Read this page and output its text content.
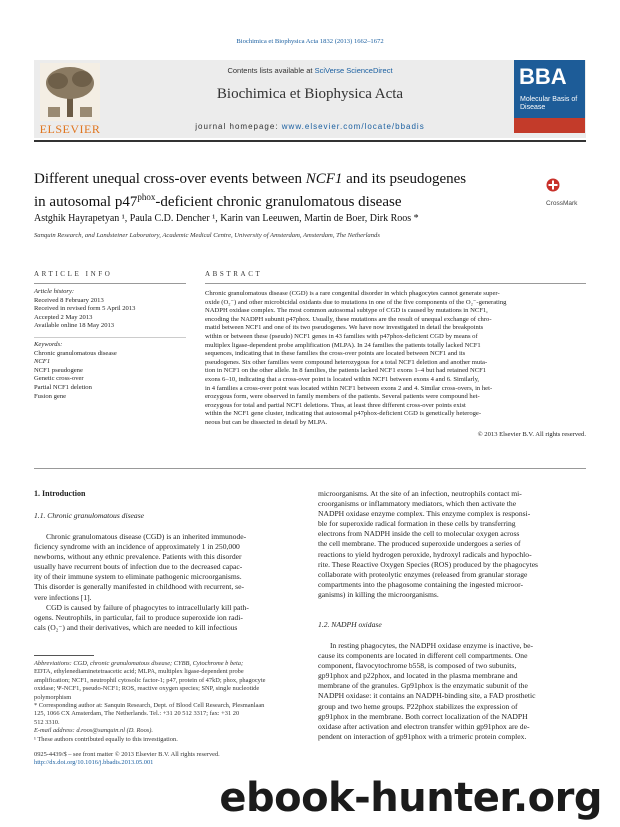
Biochimica et Biophysica Acta 1832 (2013) 1662–1672
ELSEVIER
Contents lists available at SciVerse ScienceDirect
Biochimica et Biophysica Acta
journal homepage: www.elsevier.com/locate/bbadis
BBA
Molecular Basis of Disease
Different unequal cross-over events between NCF1 and its pseudogenes
in autosomal $p47^{phox}$-deficient chronic granulomatous disease	CrossMark
Astghik Hayrapetyan ¹, Paula C.D. Dencher ¹, Karin van Leeuwen, Martin de Boer, Dirk Roos *
Sanquin Research, and Landsteiner Laboratory, Academic Medical Centre, University of Amsterdam, Amsterdam, The Netherlands
ARTICLE INFO
Article history:
Received 8 February 2013
Received in revised form 5 April 2013
Accepted 2 May 2013
Available online 18 May 2013
Keywords:
Chronic granulomatous disease
NCF1
NCF1 pseudogene
Genetic cross-over
Partial NCF1 deletion
Fusion gene
ABSTRACT
Chronic granulomatous disease (CGD) is a rare congenital disorder in which phagocytes cannot generate super-
oxide (O₂⁻) and other microbicidal oxidants due to mutations in one of the five components of the O₂⁻-generating
NADPH oxidase complex. The most common autosomal subtype of CGD is caused by mutations in NCF1,
encoding the NADPH subunit p47phox. Usually, these mutations are the result of unequal exchange of chro-
matid between NCF1 and one of its two pseudogenes. We have now investigated in detail the breakpoints
within or between these (pseudo) NCF1 genes in 43 families with p47phox-deficient CGD by means of
multiplex ligase-dependent probe amplification (MLPA). In 24 families the patients totally lacked NCF1
sequences, indicating that in these families the cross-over points are located between NCF1 and its
pseudogenes. Six other families were compound heterozygous for a total NCF1 deletion and another muta-
tion in NCF1 on the other allele. In 8 families, the patients lacked NCF1 exons 1–4 but had retained NCF1
exons 6–10, indicating that a cross-over point is located within NCF1 between exons 4 and 6. Similarly,
in 4 families a cross-over point was located within NCF1 between exons 2 and 4. Similar cross-overs, in het-
erozygous form, were observed in family members of the patients. Several patients were compound het-
erozygous for total and partial NCF1 deletions. Thus, at least three different cross-over points exist
within the NCF1 gene cluster, indicating that autosomal p47phox-deficient CGD is genetically heteroge-
neous but can be dissected in detail by MLPA.
© 2013 Elsevier B.V. All rights reserved.
1. Introduction
1.1. Chronic granulomatous disease
Chronic granulomatous disease (CGD) is an inherited immunode-
ficiency syndrome with an incidence of approximately 1 in 250,000
newborns, without any ethnic prevalence. Patients with this disorder
usually have recurrent bouts of infection due to the decreased capac-
ity of their immune system to eliminate pathogenic microorganisms.
This disorder is generally manifested in childhood with recurrent, se-
vere infections [1].
CGD is caused by failure of phagocytes to intracellularly kill path-
ogens. Neutrophils, in particular, fail to produce superoxide ion radi-
cals (O₂⁻) and their derivatives, which are needed to kill infectious
Abbreviations: CGD, chronic granulomatous disease; CYBB, Cytochrome b beta;
EDTA, ethylenediaminetetraacetic acid; MLPA, multiplex ligase-dependent probe
amplification; NCF1, neutrophil cytosolic factor-1; p47, protein of 47kD; phox, phagocyte
oxidase; Ψ-NCF1, pseudo-NCF1; ROS, reactive oxygen species; SNP, single nucleotide
polymorphism
* Corresponding author at: Sanquin Research, Dept. of Blood Cell Research, Plesmanlaan
125, 1066 CX Amsterdam, The Netherlands. Tel.: +31 20 512 3317; fax: +31 20
512 3310.
E-mail address: d.roos@sanquin.nl (D. Roos).
¹ These authors contributed equally to this investigation.
0925-4439/$ – see front matter © 2013 Elsevier B.V. All rights reserved.
http://dx.doi.org/10.1016/j.bbadis.2013.05.001
microorganisms. At the site of an infection, neutrophils contact mi-
croorganisms or inflammatory mediators, which then activate the
NADPH oxidase enzyme complex. This enzyme complex is responsi-
ble for superoxide radical formation in these cells by transferring
electrons from NADPH inside the cell to molecular oxygen across
the cell membrane. The produced superoxide undergoes a series of
reactions to yield hydrogen peroxide, hydroxyl radicals and hypochlo-
rite. These Reactive Oxygen Species (ROS) produced by the phagocytes
collaborate with proteolytic enzymes (released from granular storage
compartments into the phagosome containing the ingested microor-
ganisms) in killing the microorganisms.
1.2. NADPH oxidase
In resting phagocytes, the NADPH oxidase enzyme is inactive, be-
cause its components are located in different cell compartments. One
component, flavocytochrome b558, is composed of two subunits,
gp91phox and p22phox, and located in the plasma membrane and
membrane of the granules. Gp91phox is the enzymatic subunit of the
NADPH oxidase: it contains an NADPH-binding site, a FAD prosthetic
group and two heme groups. P22phox stabilizes the expression of
gp91phox in the membrane. Both correct localization of the NADPH
oxidase after activation and electron transfer within gp91phox are de-
pendent on interaction of gp91phox with a trimeric protein complex.
ebook-hunter.org
